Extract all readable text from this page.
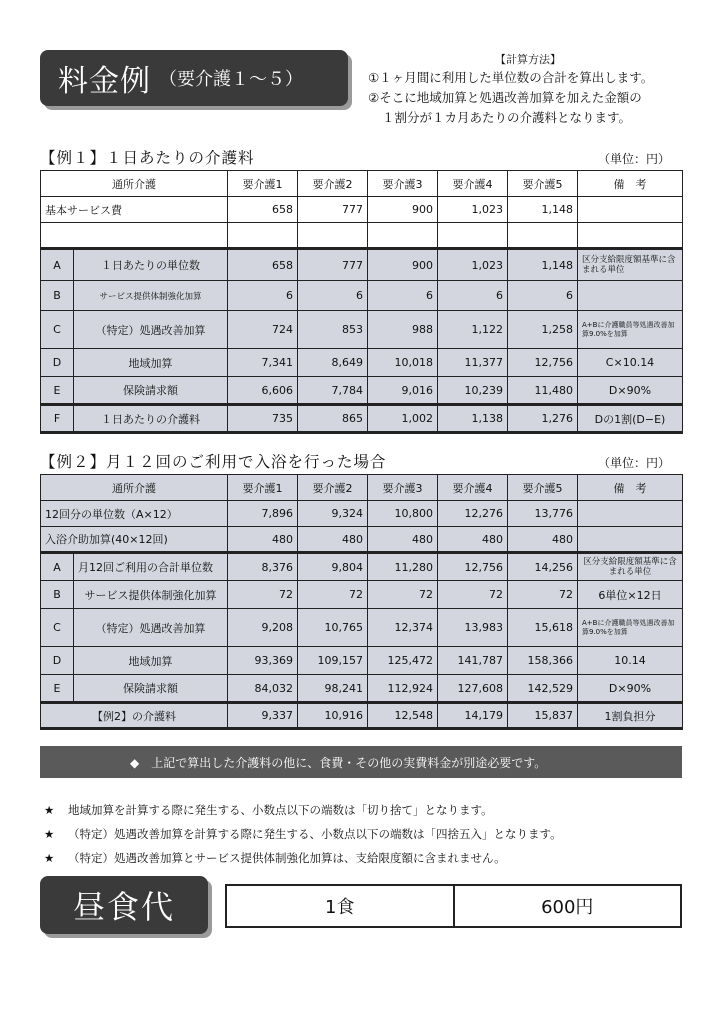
料金例 （要介護１～５）
【計算方法】
①１ヶ月間に利用した単位数の合計を算出します。
②そこに地域加算と処遇改善加算を加えた金額の
１割分が１カ月あたりの介護料となります。
【例１】１日あたりの介護料	（単位：円）
通所介護		要介護1	要介護2	要介護3	要介護4	要介護5	備　考
基本サービス費		658	777	900	1,023	1,148	

A	１日あたりの単位数	658	777	900	1,023	1,148	区分支給限度額基準に含まれる単位
B	サービス提供体制強化加算	6	6	6	6	6	
C	（特定）処遇改善加算	724	853	988	1,122	1,258	A+Bに介護職員等処遇改善加算9.0%を加算
D	地域加算	7,341	8,649	10,018	11,377	12,756	C×10.14
E	保険請求額	6,606	7,784	9,016	10,239	11,480	D×90%
F	１日あたりの介護料	735	865	1,002	1,138	1,276	Dの1割(D−E)
【例２】月１２回のご利用で入浴を行った場合	（単位：円）
通所介護		要介護1	要介護2	要介護3	要介護4	要介護5	備　考
12回分の単位数（A×12）		7,896	9,324	10,800	12,276	13,776	
入浴介助加算(40×12回)		480	480	480	480	480	
A	月12回ご利用の合計単位数	8,376	9,804	11,280	12,756	14,256	区分支給限度額基準に含まれる単位
B	サービス提供体制強化加算	72	72	72	72	72	6単位×12日
C	（特定）処遇改善加算	9,208	10,765	12,374	13,983	15,618	A+Bに介護職員等処遇改善加算9.0%を加算
D	地域加算	93,369	109,157	125,472	141,787	158,366	10.14
E	保険請求額	84,032	98,241	112,924	127,608	142,529	D×90%
【例2】の介護料		9,337	10,916	12,548	14,179	15,837	1割負担分
◆　上記で算出した介護料の他に、食費・その他の実費料金が別途必要です。
★ 地域加算を計算する際に発生する、小数点以下の端数は「切り捨て」となります。
★ （特定）処遇改善加算を計算する際に発生する、小数点以下の端数は「四捨五入」となります。
★ （特定）処遇改善加算とサービス提供体制強化加算は、支給限度額に含まれません。
昼食代	1食	600円
